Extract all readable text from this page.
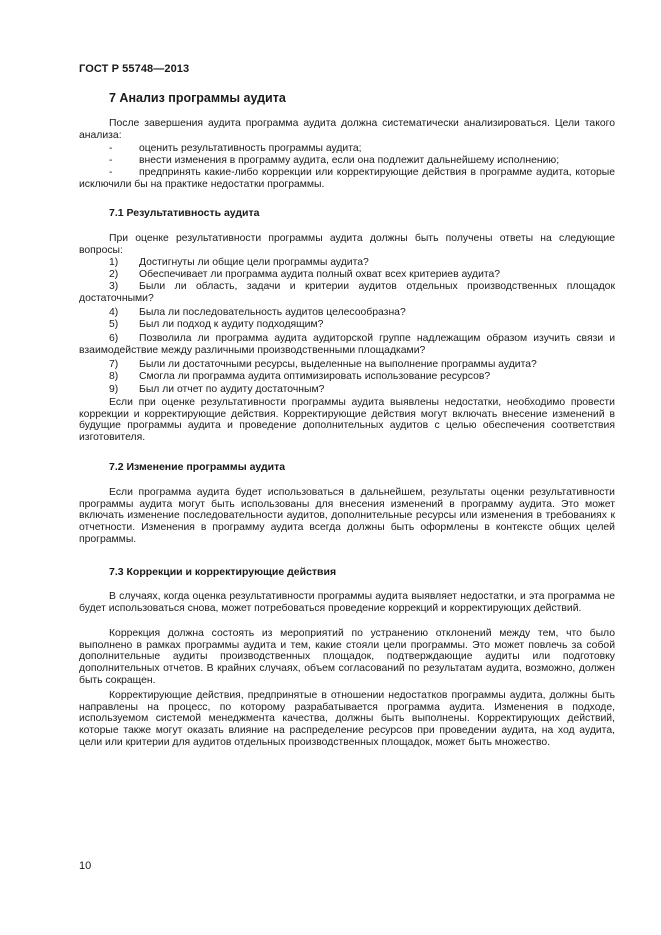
ГОСТ Р 55748—2013
7 Анализ программы аудита
После завершения аудита программа аудита должна систематически анализироваться. Цели такого анализа:
-	оценить результативность программы аудита;
-	внести изменения в программу аудита, если она подлежит дальнейшему исполнению;
-	предпринять какие-либо коррекции или корректирующие действия в программе аудита, которые исключили бы на практике недостатки программы.
7.1 Результативность аудита
При оценке результативности программы аудита должны быть получены ответы на следующие вопросы:
1)	Достигнуты ли общие цели программы аудита?
2)	Обеспечивает ли программа аудита полный охват всех критериев аудита?
3)	Были ли область, задачи и критерии аудитов отдельных производственных площадок достаточными?
4)	Была ли последовательность аудитов целесообразна?
5)	Был ли подход к аудиту подходящим?
6)	Позволила ли программа аудита аудиторской группе надлежащим образом изучить связи и взаимодействие между различными производственными площадками?
7)	Были ли достаточными ресурсы, выделенные на выполнение программы аудита?
8)	Смогла ли программа аудита оптимизировать использование ресурсов?
9)	Был ли отчет по аудиту достаточным?
Если при оценке результативности программы аудита выявлены недостатки, необходимо провести коррекции и корректирующие действия. Корректирующие действия могут включать внесение изменений в будущие программы аудита и проведение дополнительных аудитов с целью обеспечения соответствия изготовителя.
7.2 Изменение программы аудита
Если программа аудита будет использоваться в дальнейшем, результаты оценки результативности программы аудита могут быть использованы для внесения изменений в программу аудита. Это может включать изменение последовательности аудитов, дополнительные ресурсы или изменения в требованиях к отчетности. Изменения в программу аудита всегда должны быть оформлены в контексте общих целей программы.
7.3 Коррекции и корректирующие действия
В случаях, когда оценка результативности программы аудита выявляет недостатки, и эта программа не будет использоваться снова, может потребоваться проведение коррекций и корректирующих действий.
Коррекция должна состоять из мероприятий по устранению отклонений между тем, что было выполнено в рамках программы аудита и тем, какие стояли цели программы. Это может повлечь за собой дополнительные аудиты производственных площадок, подтверждающие аудиты или подготовку дополнительных отчетов. В крайних случаях, объем согласований по результатам аудита, возможно, должен быть сокращен.
Корректирующие действия, предпринятые в отношении недостатков программы аудита, должны быть направлены на процесс, по которому разрабатывается программа аудита. Изменения в подходе, используемом системой менеджмента качества, должны быть выполнены. Корректирующих действий, которые также могут оказать влияние на распределение ресурсов при проведении аудита, на ход аудита, цели или критерии для аудитов отдельных производственных площадок, может быть множество.
10
